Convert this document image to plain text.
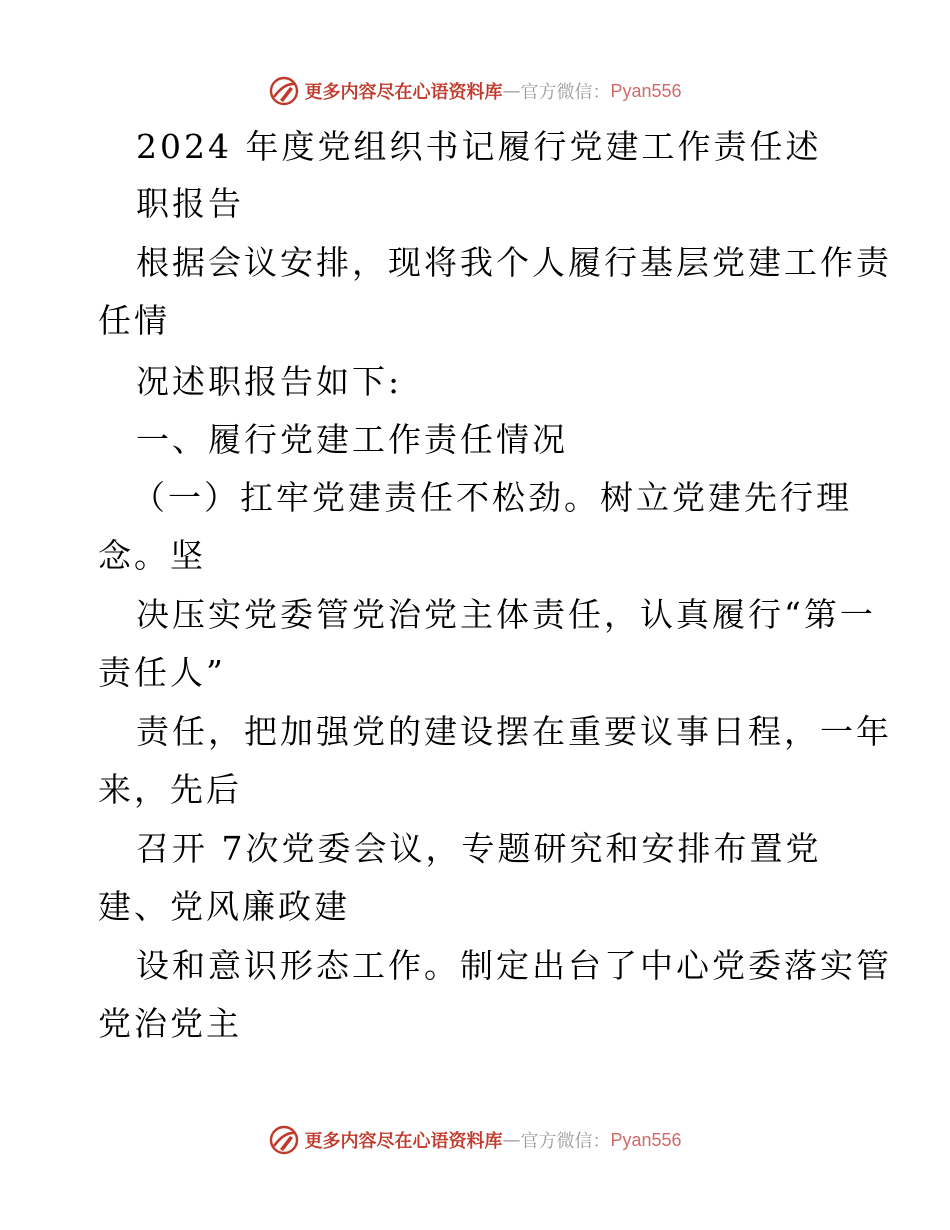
更多内容尽在心语资料库 — 官方微信： Pyan556
2024 年度党组织书记履行党建工作责任述
职报告
根据会议安排，现将我个人履行基层党建工作责
任情
况述职报告如下:
一、履行党建工作责任情况
（一）扛牢党建责任不松劲。树立党建先行理
念。坚
决压实党委管党治党主体责任，认真履行“第一
责任人”
责任，把加强党的建设摆在重要议事日程，一年
来，先后
召开 7次党委会议，专题研究和安排布置党
建、党风廉政建
设和意识形态工作。制定出台了中心党委落实管
党治党主
更多内容尽在心语资料库 — 官方微信： Pyan556
